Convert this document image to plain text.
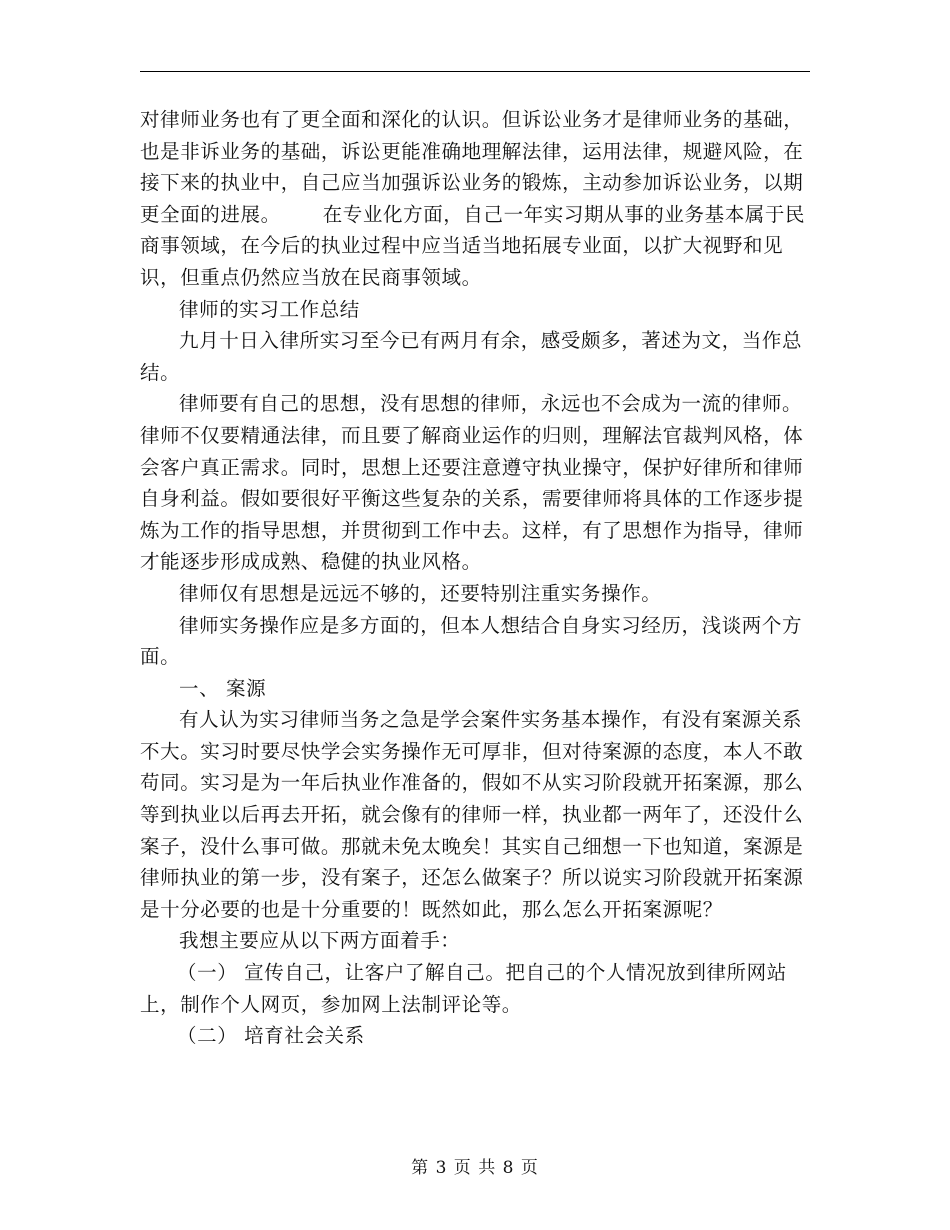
对律师业务也有了更全面和深化的认识。但诉讼业务才是律师业务的基础，也是非诉业务的基础，诉讼更能准确地理解法律，运用法律，规避风险，在接下来的执业中，自己应当加强诉讼业务的锻炼，主动参加诉讼业务，以期更全面的进展。 在专业化方面，自己一年实习期从事的业务基本属于民商事领域，在今后的执业过程中应当适当地拓展专业面，以扩大视野和见识，但重点仍然应当放在民商事领域。

律师的实习工作总结

九月十日入律所实习至今已有两月有余，感受颇多，著述为文，当作总结。

律师要有自己的思想，没有思想的律师，永远也不会成为一流的律师。律师不仅要精通法律，而且要了解商业运作的归则，理解法官裁判风格，体会客户真正需求。同时，思想上还要注意遵守执业操守，保护好律所和律师自身利益。假如要很好平衡这些复杂的关系，需要律师将具体的工作逐步提炼为工作的指导思想，并贯彻到工作中去。这样，有了思想作为指导，律师才能逐步形成成熟、稳健的执业风格。

律师仅有思想是远远不够的，还要特别注重实务操作。

律师实务操作应是多方面的，但本人想结合自身实习经历，浅谈两个方面。

一、 案源

有人认为实习律师当务之急是学会案件实务基本操作，有没有案源关系不大。实习时要尽快学会实务操作无可厚非，但对待案源的态度，本人不敢苟同。实习是为一年后执业作准备的，假如不从实习阶段就开拓案源，那么等到执业以后再去开拓，就会像有的律师一样，执业都一两年了，还没什么案子，没什么事可做。那就未免太晚矣！其实自己细想一下也知道，案源是律师执业的第一步，没有案子，还怎么做案子？所以说实习阶段就开拓案源是十分必要的也是十分重要的！既然如此，那么怎么开拓案源呢？

我想主要应从以下两方面着手：

（一） 宣传自己，让客户了解自己。把自己的个人情况放到律所网站上，制作个人网页，参加网上法制评论等。

（二） 培育社会关系

第 3 页 共 8 页
